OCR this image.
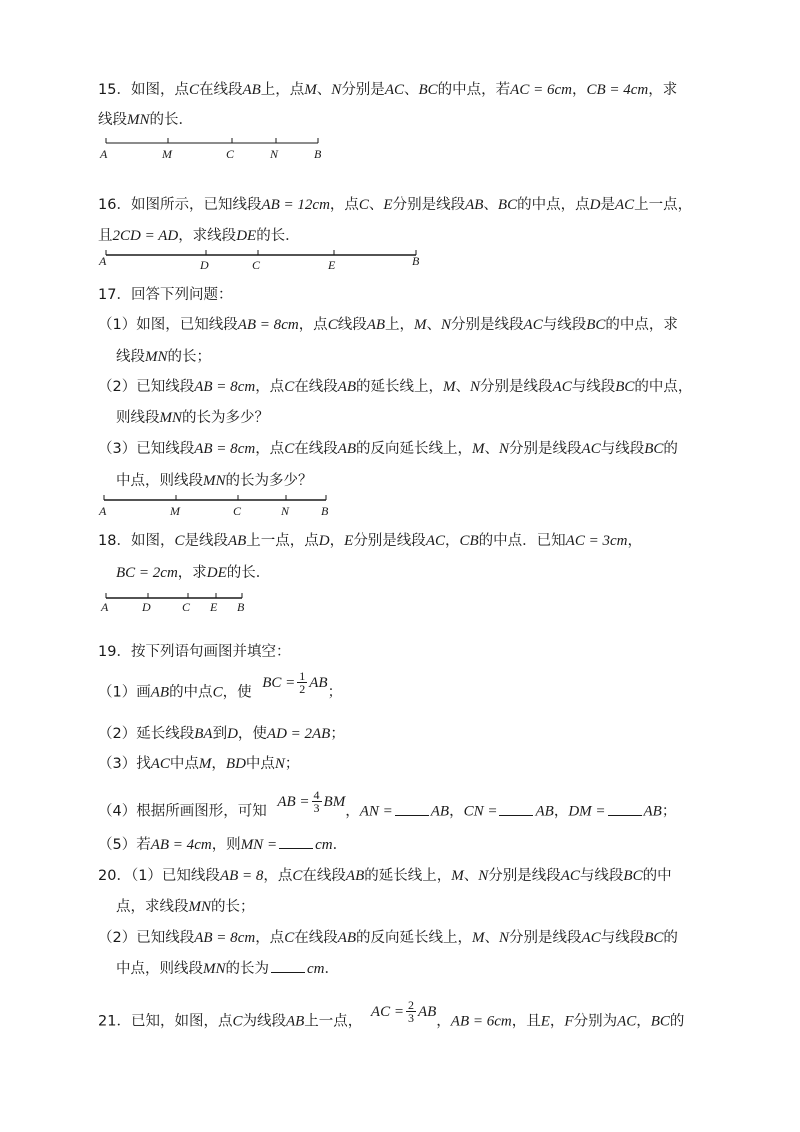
15．如图，点C在线段AB上，点M、N分别是AC、BC的中点，若AC = 6cm，CB = 4cm，求
线段MN的长．
A	M	C	N	B
16．如图所示，已知线段AB = 12cm，点C、E分别是线段AB、BC的中点，点D是AC上一点，
且2CD = AD，求线段DE的长．
A	D	C	E	B
17．回答下列问题：
（1）如图，已知线段AB = 8cm，点C线段AB上，M、N分别是线段AC与线段BC的中点，求
线段MN的长；
（2）已知线段AB = 8cm，点C在线段AB的延长线上，M、N分别是线段AC与线段BC的中点，
则线段MN的长为多少？
（3）已知线段AB = 8cm，点C在线段AB的反向延长线上，M、N分别是线段AC与线段BC的
中点，则线段MN的长为多少？
A	M	C	N	B
18．如图，C是线段AB上一点，点D，E分别是线段AC，CB的中点．已知AC = 3cm，
BC = 2cm，求DE的长．
A	D	C E B
19．按下列语句画图并填空：
（1）画AB的中点C，使 BC = $\frac{1}{2}$ AB；
（2）延长线段BA到D，使AD = 2AB；
（3）找AC中点M，BD中点N；
（4）根据所画图形，可知 AB = $\frac{4}{3}$ BM，AN =	AB，CN =	AB，DM =	AB；
（5）若AB = 4cm，则MN =	cm．
20．（1）已知线段AB = 8，点C在线段AB的延长线上，M、N分别是线段AC与线段BC的中
点，求线段MN的长；
（2）已知线段AB = 8cm，点C在线段AB的反向延长线上，M、N分别是线段AC与线段BC的
中点，则线段MN的长为	cm．
21．已知，如图，点C为线段AB上一点， AC = $\frac{2}{3}$ AB，AB = 6cm，且E，F分别为AC，BC的
